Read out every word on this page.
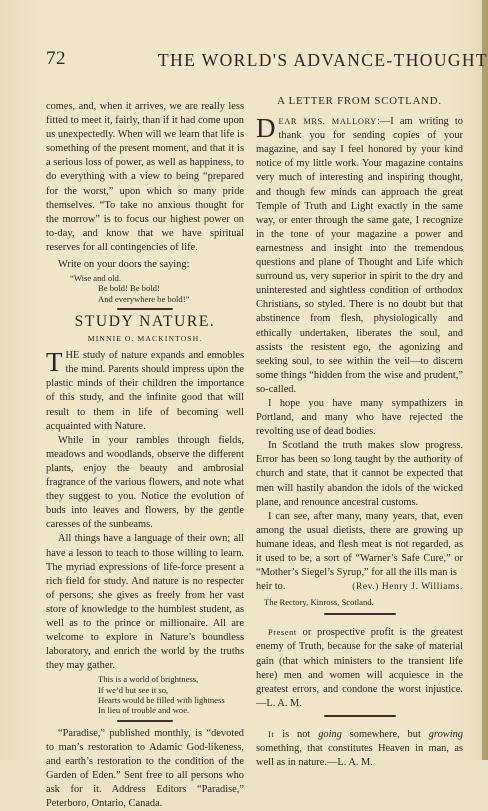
72	THE WORLD'S ADVANCE-THOUGHT

comes, and, when it arrives, we are really less fitted to meet it, fairly, than if it had come upon us unexpectedly. When will we learn that life is something of the present moment, and that it is a serious loss of power, as well as happiness, to do everything with a view to being “prepared for the worst,” upon which so many pride themselves. “To take no anxious thought for the morrow” is to focus our highest power on to-day, and know that we have spiritual reserves for all contingencies of life.

Write on your doors the saying:

“Wise and old.
Be bold! Be bold!
And everywhere be bold!”
STUDY NATURE.
MINNIE O. MACKINTOSH.

THE study of nature expands and ennobles the mind. Parents should impress upon the plastic minds of their children the importance of this study, and the infinite good that will result to them in life of becoming well acquainted with Nature.

While in your rambles through fields, meadows and woodlands, observe the different plants, enjoy the beauty and ambrosial fragrance of the various flowers, and note what they suggest to you. Notice the evolution of buds into leaves and flowers, by the gentle caresses of the sunbeams.

All things have a language of their own; all have a lesson to teach to those willing to learn. The myriad expressions of life-force present a rich field for study. And nature is no respecter of persons; she gives as freely from her vast store of knowledge to the humblest student, as well as to the prince or millionaire. All are welcome to explore in Nature’s boundless laboratory, and enrich the world by the truths they may gather.

This is a world of brightness,
If we’d but see it so,
Hearts would be filled with lightness
In lieu of trouble and woe.

“Paradise,” published monthly, is “devoted to man’s restoration to Adamic God-likeness, and earth’s restoration to the condition of the Garden of Eden.” Sent free to all persons who ask for it. Address Editors “Paradise,” Peterboro, Ontario, Canada.

A LETTER FROM SCOTLAND.

DEAR MRS. MALLORY:—I am writing to thank you for sending copies of your magazine, and say I feel honored by your kind notice of my little work. Your magazine contains very much of interesting and inspiring thought, and though few minds can approach the great Temple of Truth and Light exactly in the same way, or enter through the same gate, I recognize in the tone of your magazine a power and earnestness and insight into the tremendous questions and plane of Thought and Life which surround us, very superior in spirit to the dry and uninterested and sightless condition of orthodox Christians, so styled. There is no doubt but that abstinence from flesh, physiologically and ethically undertaken, liberates the soul, and assists the resistent ego, the agonizing and seeking soul, to see within the veil—to discern some things “hidden from the wise and prudent,” so-called.

I hope you have many sympathizers in Portland, and many who have rejected the revolting use of dead bodies.

In Scotland the truth makes slow progress. Error has been so long taught by the authority of church and state, that it cannot be expected that men will hastily abandon the idols of the wicked plane, and renounce ancestral customs.

I can see, after many, many years, that, even among the usual dietists, there are growing up humane ideas, and flesh meat is not regarded, as it used to be, a sort of “Warner’s Safe Cure,” or “Mother’s Siegel’s Syrup,” for all the ills man is

heir to.	(Rev.) Henry J. Williams.
The Rectory, Kinross, Scotland.

Present or prospective profit is the greatest enemy of Truth, because for the sake of material gain (that which ministers to the transient life here) men and women will acquiesce in the greatest errors, and condone the worst injustice. —L. A. M.

It is not going somewhere, but growing something, that constitutes Heaven in man, as well as in nature.—L. A. M.
